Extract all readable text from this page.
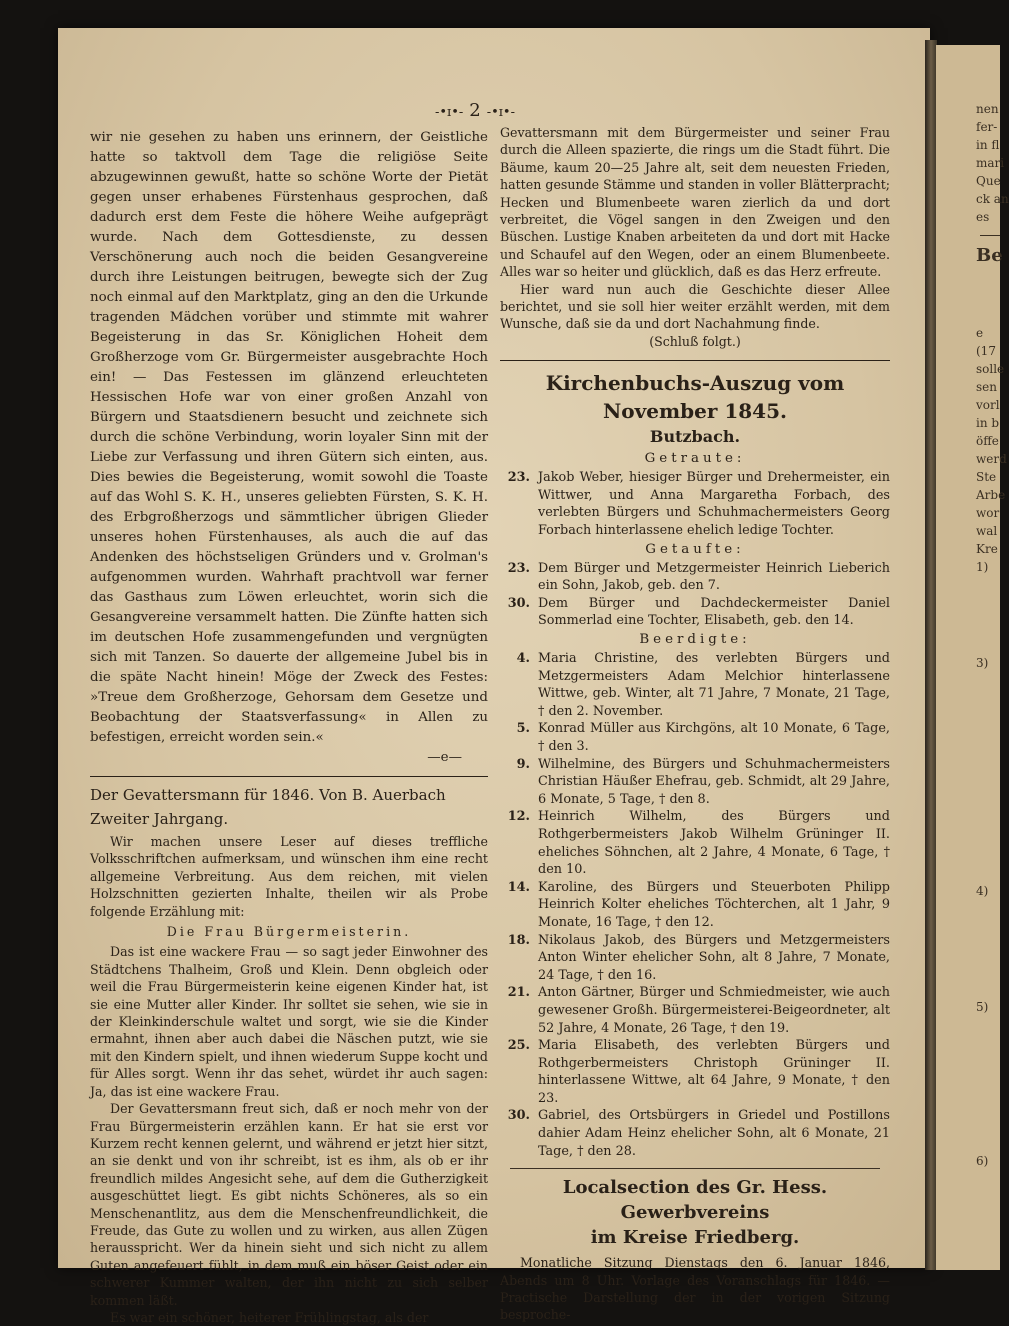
nen
fer-
in fl
mari
Que
ck an
es
Be
e
(17
solle
sen
vorl
in b
öffe
werd
Ste
Arbe
wor
wal
Kre
1)
3)
4)
5)
6)
-•ɪ•- 2 -•ɪ•-

wir nie gesehen zu haben uns erinnern, der Geistliche hatte so taktvoll dem Tage die religiöse Seite abzugewinnen gewußt, hatte so schöne Worte der Pietät gegen unser erhabenes Fürstenhaus gesprochen, daß dadurch erst dem Feste die höhere Weihe aufgeprägt wurde. Nach dem Gottesdienste, zu dessen Verschönerung auch noch die beiden Gesangvereine durch ihre Leistungen beitrugen, bewegte sich der Zug noch einmal auf den Marktplatz, ging an den die Urkunde tragenden Mädchen vorüber und stimmte mit wahrer Begeisterung in das Sr. Königlichen Hoheit dem Großherzoge vom Gr. Bürgermeister ausgebrachte Hoch ein! — Das Festessen im glänzend erleuchteten Hessischen Hofe war von einer großen Anzahl von Bürgern und Staatsdienern besucht und zeichnete sich durch die schöne Verbindung, worin loyaler Sinn mit der Liebe zur Verfassung und ihren Gütern sich einten, aus. Dies bewies die Begeisterung, womit sowohl die Toaste auf das Wohl S. K. H., unseres geliebten Fürsten, S. K. H. des Erbgroßherzogs und sämmtlicher übrigen Glieder unseres hohen Fürstenhauses, als auch die auf das Andenken des höchstseligen Gründers und v. Grolman's aufgenommen wurden. Wahrhaft prachtvoll war ferner das Gasthaus zum Löwen erleuchtet, worin sich die Gesangvereine versammelt hatten. Die Zünfte hatten sich im deutschen Hofe zusammengefunden und vergnügten sich mit Tanzen. So dauerte der allgemeine Jubel bis in die späte Nacht hinein! Möge der Zweck des Festes: »Treue dem Großherzoge, Gehorsam dem Gesetze und Beobachtung der Staatsverfassung« in Allen zu befestigen, erreicht worden sein.«

—e—

Der Gevattersmann für 1846. Von B. Auerbach
Zweiter Jahrgang.

Wir machen unsere Leser auf dieses treffliche Volksschriftchen aufmerksam, und wünschen ihm eine recht allgemeine Verbreitung. Aus dem reichen, mit vielen Holzschnitten gezierten Inhalte, theilen wir als Probe folgende Erzählung mit:

Die Frau Bürgermeisterin.

Das ist eine wackere Frau — so sagt jeder Einwohner des Städtchens Thalheim, Groß und Klein. Denn obgleich oder weil die Frau Bürgermeisterin keine eigenen Kinder hat, ist sie eine Mutter aller Kinder. Ihr solltet sie sehen, wie sie in der Kleinkinderschule waltet und sorgt, wie sie die Kinder ermahnt, ihnen aber auch dabei die Näschen putzt, wie sie mit den Kindern spielt, und ihnen wiederum Suppe kocht und für Alles sorgt. Wenn ihr das sehet, würdet ihr auch sagen: Ja, das ist eine wackere Frau.

Der Gevattersmann freut sich, daß er noch mehr von der Frau Bürgermeisterin erzählen kann. Er hat sie erst vor Kurzem recht kennen gelernt, und während er jetzt hier sitzt, an sie denkt und von ihr schreibt, ist es ihm, als ob er ihr freundlich mildes Angesicht sehe, auf dem die Gutherzigkeit ausgeschüttet liegt. Es gibt nichts Schöneres, als so ein Menschenantlitz, aus dem die Menschenfreundlichkeit, die Freude, das Gute zu wollen und zu wirken, aus allen Zügen herausspricht. Wer da hinein sieht und sich nicht zu allem Guten angefeuert fühlt, in dem muß ein böser Geist oder ein schwerer Kummer walten, der ihn nicht zu sich selber kommen läßt.

Es war ein schöner, heiterer Frühlingstag, als der

Gevattersmann mit dem Bürgermeister und seiner Frau durch die Alleen spazierte, die rings um die Stadt führt. Die Bäume, kaum 20—25 Jahre alt, seit dem neuesten Frieden, hatten gesunde Stämme und standen in voller Blätterpracht; Hecken und Blumenbeete waren zierlich da und dort verbreitet, die Vögel sangen in den Zweigen und den Büschen. Lustige Knaben arbeiteten da und dort mit Hacke und Schaufel auf den Wegen, oder an einem Blumenbeete. Alles war so heiter und glücklich, daß es das Herz erfreute.

Hier ward nun auch die Geschichte dieser Allee berichtet, und sie soll hier weiter erzählt werden, mit dem Wunsche, daß sie da und dort Nachahmung finde.

(Schluß folgt.)

Kirchenbuchs-Auszug vom November 1845.
Butzbach.
Getraute:
23. Jakob Weber, hiesiger Bürger und Drehermeister, ein Wittwer, und Anna Margaretha Forbach, des verlebten Bürgers und Schuhmachermeisters Georg Forbach hinterlassene ehelich ledige Tochter.
Getaufte:
23. Dem Bürger und Metzgermeister Heinrich Lieberich ein Sohn, Jakob, geb. den 7.
30. Dem Bürger und Dachdeckermeister Daniel Sommerlad eine Tochter, Elisabeth, geb. den 14.
Beerdigte:
4. Maria Christine, des verlebten Bürgers und Metzgermeisters Adam Melchior hinterlassene Wittwe, geb. Winter, alt 71 Jahre, 7 Monate, 21 Tage, † den 2. November.
5. Konrad Müller aus Kirchgöns, alt 10 Monate, 6 Tage, † den 3.
9. Wilhelmine, des Bürgers und Schuhmachermeisters Christian Häußer Ehefrau, geb. Schmidt, alt 29 Jahre, 6 Monate, 5 Tage, † den 8.
12. Heinrich Wilhelm, des Bürgers und Rothgerbermeisters Jakob Wilhelm Grüninger II. eheliches Söhnchen, alt 2 Jahre, 4 Monate, 6 Tage, † den 10.
14. Karoline, des Bürgers und Steuerboten Philipp Heinrich Kolter eheliches Töchterchen, alt 1 Jahr, 9 Monate, 16 Tage, † den 12.
18. Nikolaus Jakob, des Bürgers und Metzgermeisters Anton Winter ehelicher Sohn, alt 8 Jahre, 7 Monate, 24 Tage, † den 16.
21. Anton Gärtner, Bürger und Schmiedmeister, wie auch gewesener Großh. Bürgermeisterei-Beigeordneter, alt 52 Jahre, 4 Monate, 26 Tage, † den 19.
25. Maria Elisabeth, des verlebten Bürgers und Rothgerbermeisters Christoph Grüninger II. hinterlassene Wittwe, alt 64 Jahre, 9 Monate, † den 23.
30. Gabriel, des Ortsbürgers in Griedel und Postillons dahier Adam Heinz ehelicher Sohn, alt 6 Monate, 21 Tage, † den 28.
Localsection des Gr. Hess. Gewerbvereins
im Kreise Friedberg.

Monatliche Sitzung Dienstags den 6. Januar 1846, Abends um 8 Uhr. Vorlage des Voranschlags für 1846. — Practische Darstellung der in der vorigen Sitzung besproche-
